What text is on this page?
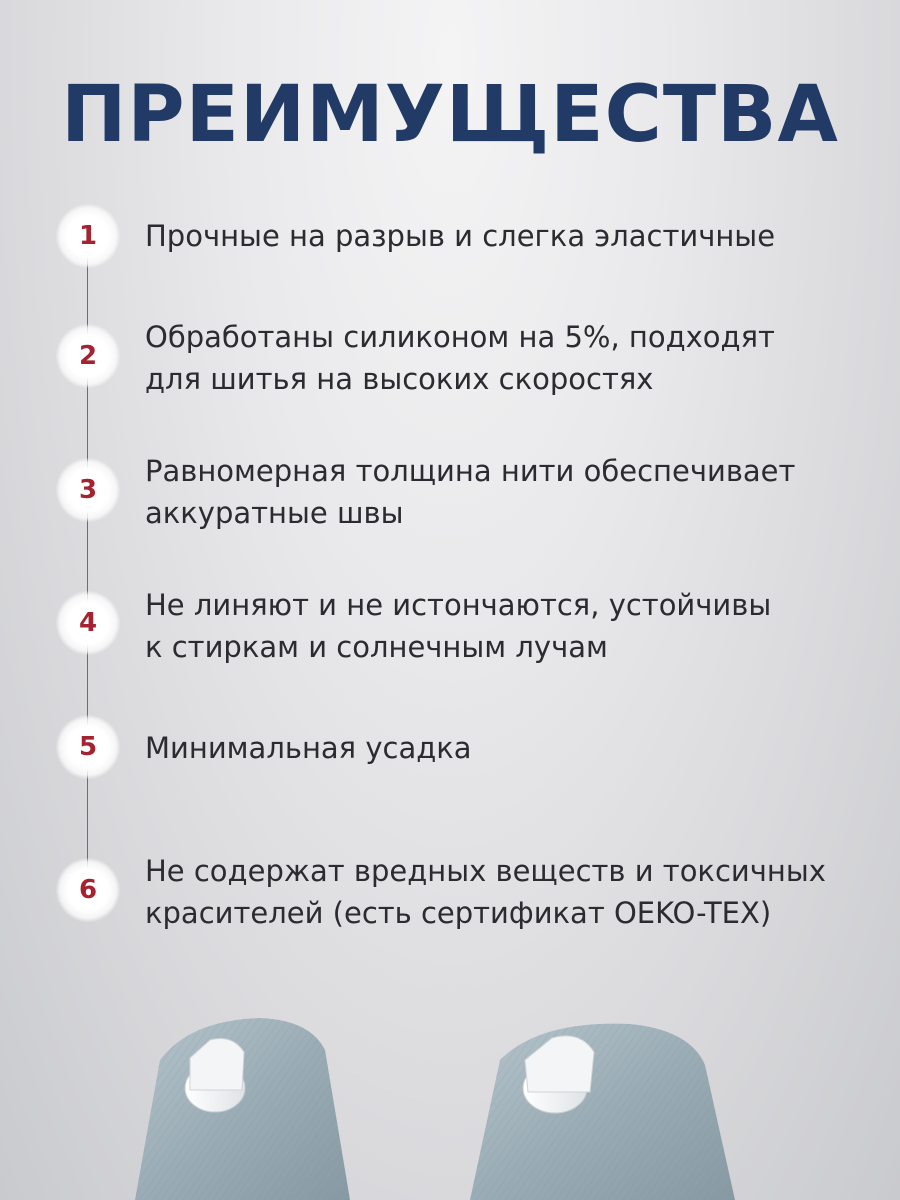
ПРЕИМУЩЕСТВА
1	Прочные на разрыв и слегка эластичные

2

Обработаны силиконом на 5%, подходят
для шитья на высоких скоростях

3

Равномерная толщина нити обеспечивает
аккуратные швы

4

Не линяют и не истончаются, устойчивы
к стиркам и солнечным лучам

5	Минимальная усадка

6

Не содержат вредных веществ и токсичных
красителей (есть сертификат OEKO-TEX)
